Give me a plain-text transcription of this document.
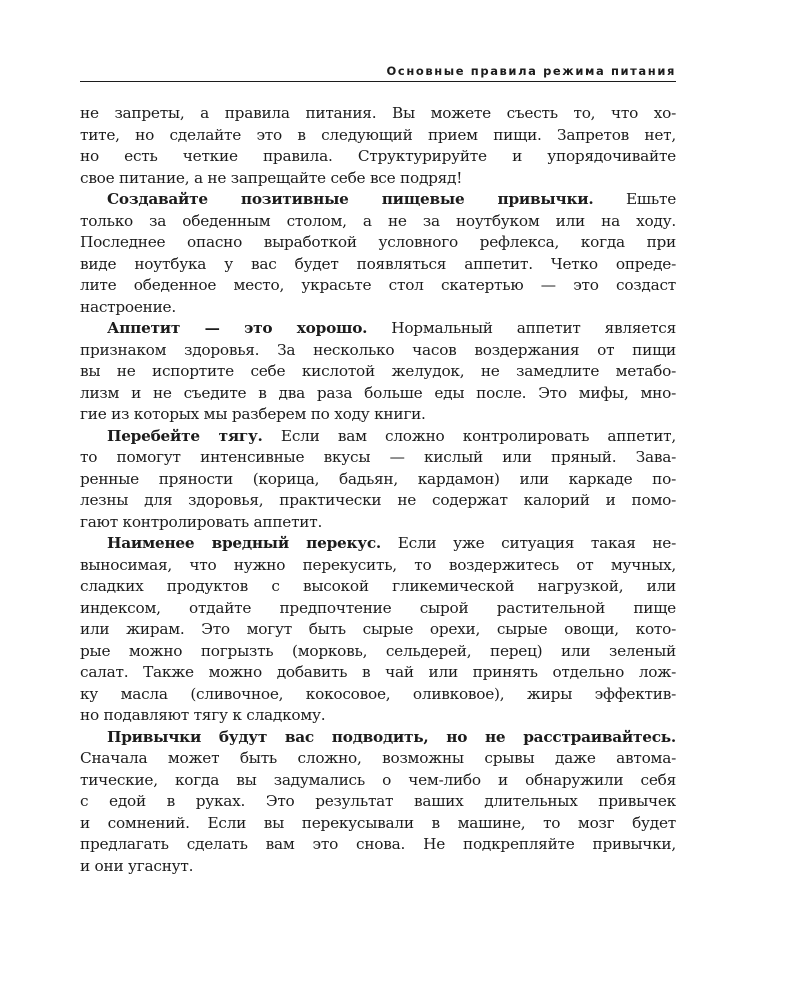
Основные правила режима питания
не запреты, а правила питания. Вы можете съесть то, что хо-
тите, но сделайте это в следующий прием пищи. Запретов нет,
но есть четкие правила. Структурируйте и упорядочивайте
свое питание, а не запрещайте себе все подряд!
Создавайте позитивные пищевые привычки. Ешьте
только за обеденным столом, а не за ноутбуком или на ходу.
Последнее опасно выработкой условного рефлекса, когда при
виде ноутбука у вас будет появляться аппетит. Четко опреде-
лите обеденное место, украсьте стол скатертью — это создаст
настроение.
Аппетит — это хорошо. Нормальный аппетит является
признаком здоровья. За несколько часов воздержания от пищи
вы не испортите себе кислотой желудок, не замедлите метабо-
лизм и не съедите в два раза больше еды после. Это мифы, мно-
гие из которых мы разберем по ходу книги.
Перебейте тягу. Если вам сложно контролировать аппетит,
то помогут интенсивные вкусы — кислый или пряный. Зава-
ренные пряности (корица, бадьян, кардамон) или каркаде по-
лезны для здоровья, практически не содержат калорий и помо-
гают контролировать аппетит.
Наименее вредный перекус. Если уже ситуация такая не-
выносимая, что нужно перекусить, то воздержитесь от мучных,
сладких продуктов с высокой гликемической нагрузкой, или
индексом, отдайте предпочтение сырой растительной пище
или жирам. Это могут быть сырые орехи, сырые овощи, кото-
рые можно погрызть (морковь, сельдерей, перец) или зеленый
салат. Также можно добавить в чай или принять отдельно лож-
ку масла (сливочное, кокосовое, оливковое), жиры эффектив-
но подавляют тягу к сладкому.
Привычки будут вас подводить, но не расстраивайтесь.
Сначала может быть сложно, возможны срывы даже автома-
тические, когда вы задумались о чем-либо и обнаружили себя
с едой в руках. Это результат ваших длительных привычек
и сомнений. Если вы перекусывали в машине, то мозг будет
предлагать сделать вам это снова. Не подкрепляйте привычки,
и они угаснут.
